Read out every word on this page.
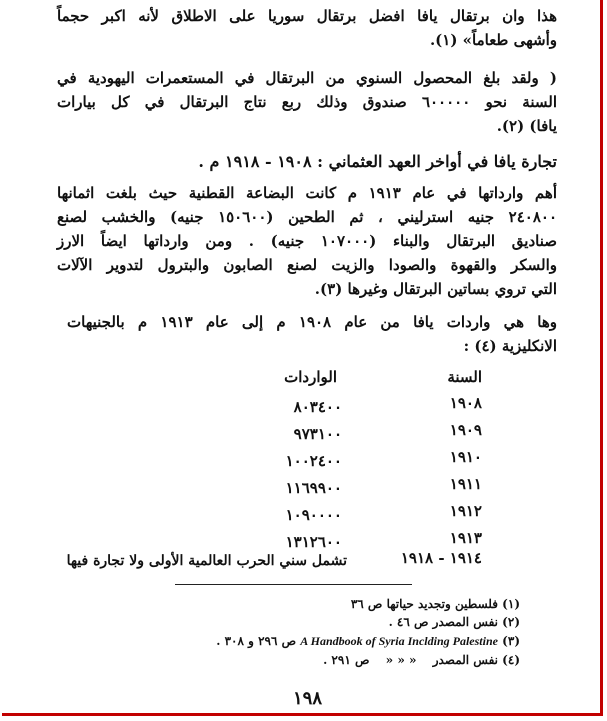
هذا وان برتقال يافا افضل برتقال سوريا على الاطلاق لأنه اكبر حجماً
وأشهى طعاماً» (١).
( ولقد بلغ المحصول السنوي من البرتقال في المستعمرات اليهودية في
السنة نحو ٦٠٠٠٠٠ صندوق وذلك ربع نتاج البرتقال في كل بيارات
يافا) (٢).
تجارة يافا في أواخر العهد العثماني : ١٩٠٨ - ١٩١٨ م .
أهم وارداتها في عام ١٩١٣ م كانت البضاعة القطنية حيث بلغت اثمانها
٢٤٠٨٠٠ جنيه استرليني ، ثم الطحين (١٥٠٦٠٠ جنيه) والخشب لصنع
صناديق البرتقال والبناء (١٠٧٠٠٠ جنيه) . ومن وارداتها ايضاً الارز
والسكر والقهوة والصودا والزيت لصنع الصابون والبترول لتدوير الآلات
التي تروي بساتين البرتقال وغيرها (٣).
وها هي واردات يافا من عام ١٩٠٨ م إلى عام ١٩١٣ م بالجنيهات
الانكليزية (٤) :
السنة
الواردات
١٩٠٨
٨٠٣٤٠٠
١٩٠٩
٩٧٣١٠٠
١٩١٠
١٠٠٢٤٠٠
١٩١١
١١٦٩٩٠٠
١٩١٢
١٠٩٠٠٠٠
١٩١٣
١٣١٢٦٠٠
١٩١٤ - ١٩١٨
تشمل سني الحرب العالمية الأولى ولا تجارة فيها
(١) فلسطين وتجديد حياتها ص ٣٦
(٢) نفس المصدر ص ٤٦ .
(٣) A Handbook of Syria Inclding Palestine ص ٢٩٦ و ٣٠٨ .
(٤) نفس المصدر « « « ص ٢٩١ .
١٩٨
